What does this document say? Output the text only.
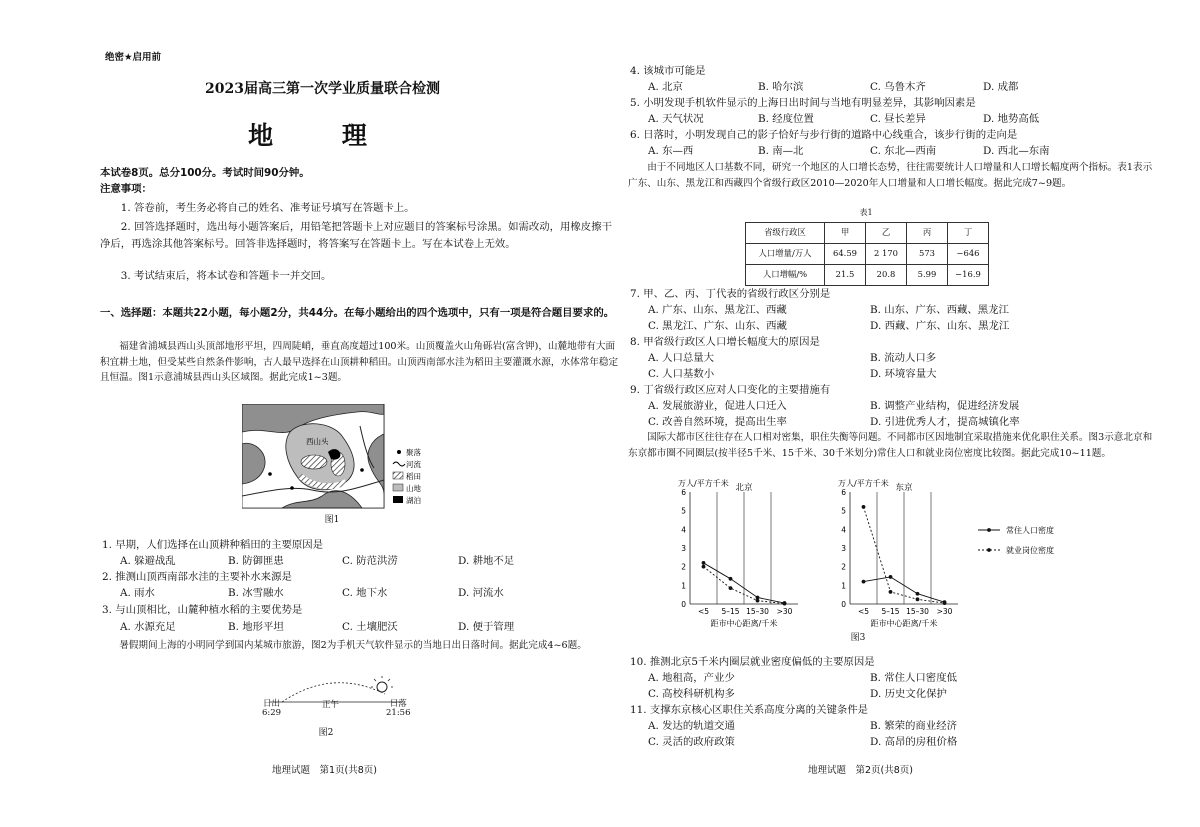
绝密★启用前
2023届高三第一次学业质量联合检测
地 理
本试卷8页。总分100分。考试时间90分钟。
注意事项：
1. 答卷前，考生务必将自己的姓名、准考证号填写在答题卡上。
2. 回答选择题时，选出每小题答案后，用铅笔把答题卡上对应题目的答案标号涂黑。如需改动，用橡皮擦干净后，再选涂其他答案标号。回答非选择题时，将答案写在答题卡上。写在本试卷上无效。
3. 考试结束后，将本试卷和答题卡一并交回。
一、选择题：本题共22小题，每小题2分，共44分。在每小题给出的四个选项中，只有一项是符合题目要求的。
福建省浦城县西山头顶部地形平坦，四周陡峭，垂直高度超过100米。山顶覆盖火山角砾岩(富含钾)，山麓地带有大面积宜耕土地，但受某些自然条件影响，古人最早选择在山顶耕种稻田。山顶西南部水洼为稻田主要灌溉水源，水体常年稳定且恒温。图1示意浦城县西山头区域图。据此完成1~3题。
西山头
聚落
河流
稻田
山地
湖泊
图1
1. 早期，人们选择在山顶耕种稻田的主要原因是
A. 躲避战乱	B. 防御匪患	C. 防范洪涝	D. 耕地不足
2. 推测山顶西南部水洼的主要补水来源是
A. 雨水	B. 冰雪融水	C. 地下水	D. 河流水
3. 与山顶相比，山麓种植水稻的主要优势是
A. 水源充足	B. 地形平坦	C. 土壤肥沃	D. 便于管理
暑假期间上海的小明同学到国内某城市旅游，图2为手机天气软件显示的当地日出日落时间。据此完成4~6题。
日出
6:29
正午	日落
21:56
图2
地理试题　第1页(共8页)
4. 该城市可能是
A. 北京	B. 哈尔滨	C. 乌鲁木齐	D. 成都
5. 小明发现手机软件显示的上海日出时间与当地有明显差异，其影响因素是
A. 天气状况	B. 经度位置	C. 昼长差异	D. 地势高低
6. 日落时，小明发现自己的影子恰好与步行街的道路中心线重合，该步行街的走向是
A. 东—西	B. 南—北	C. 东北—西南	D. 西北—东南
由于不同地区人口基数不同，研究一个地区的人口增长态势，往往需要统计人口增量和人口增长幅度两个指标。表1表示广东、山东、黑龙江和西藏四个省级行政区2010—2020年人口增量和人口增长幅度。据此完成7~9题。
表1
省级行政区	甲	乙	丙	丁
人口增量/万人	64.59	2 170	573	−646
人口增幅/%	21.5	20.8	5.99	−16.9
7. 甲、乙、丙、丁代表的省级行政区分别是
A. 广东、山东、黑龙江、西藏	B. 山东、广东、西藏、黑龙江
C. 黑龙江、广东、山东、西藏	D. 西藏、广东、山东、黑龙江
8. 甲省级行政区人口增长幅度大的原因是
A. 人口总量大	B. 流动人口多
C. 人口基数小	D. 环境容量大
9. 丁省级行政区应对人口变化的主要措施有
A. 发展旅游业，促进人口迁入	B. 调整产业结构，促进经济发展
C. 改善自然环境，提高出生率	D. 引进优秀人才，提高城镇化率
国际大都市区往往存在人口相对密集，职住失衡等问题。不同都市区因地制宜采取措施来优化职住关系。图3示意北京和东京都市圈不同圈层(按半径5千米、15千米、30千米划分)常住人口和就业岗位密度比较图。据此完成10~11题。
万人/平方千米 北京
0
1
2
3
4
5
6
<5 5–15 15–30 >30
距市中心距离/千米
万人/平方千米 东京
0
1
2
3
4
5
6
<5 5–15 15–30 >30
距市中心距离/千米
常住人口密度
就业岗位密度
图3
10. 推测北京5千米内圈层就业密度偏低的主要原因是
A. 地租高，产业少	B. 常住人口密度低
C. 高校科研机构多	D. 历史文化保护
11. 支撑东京核心区职住关系高度分离的关键条件是
A. 发达的轨道交通	B. 繁荣的商业经济
C. 灵活的政府政策	D. 高昂的房租价格
地理试题　第2页(共8页)
